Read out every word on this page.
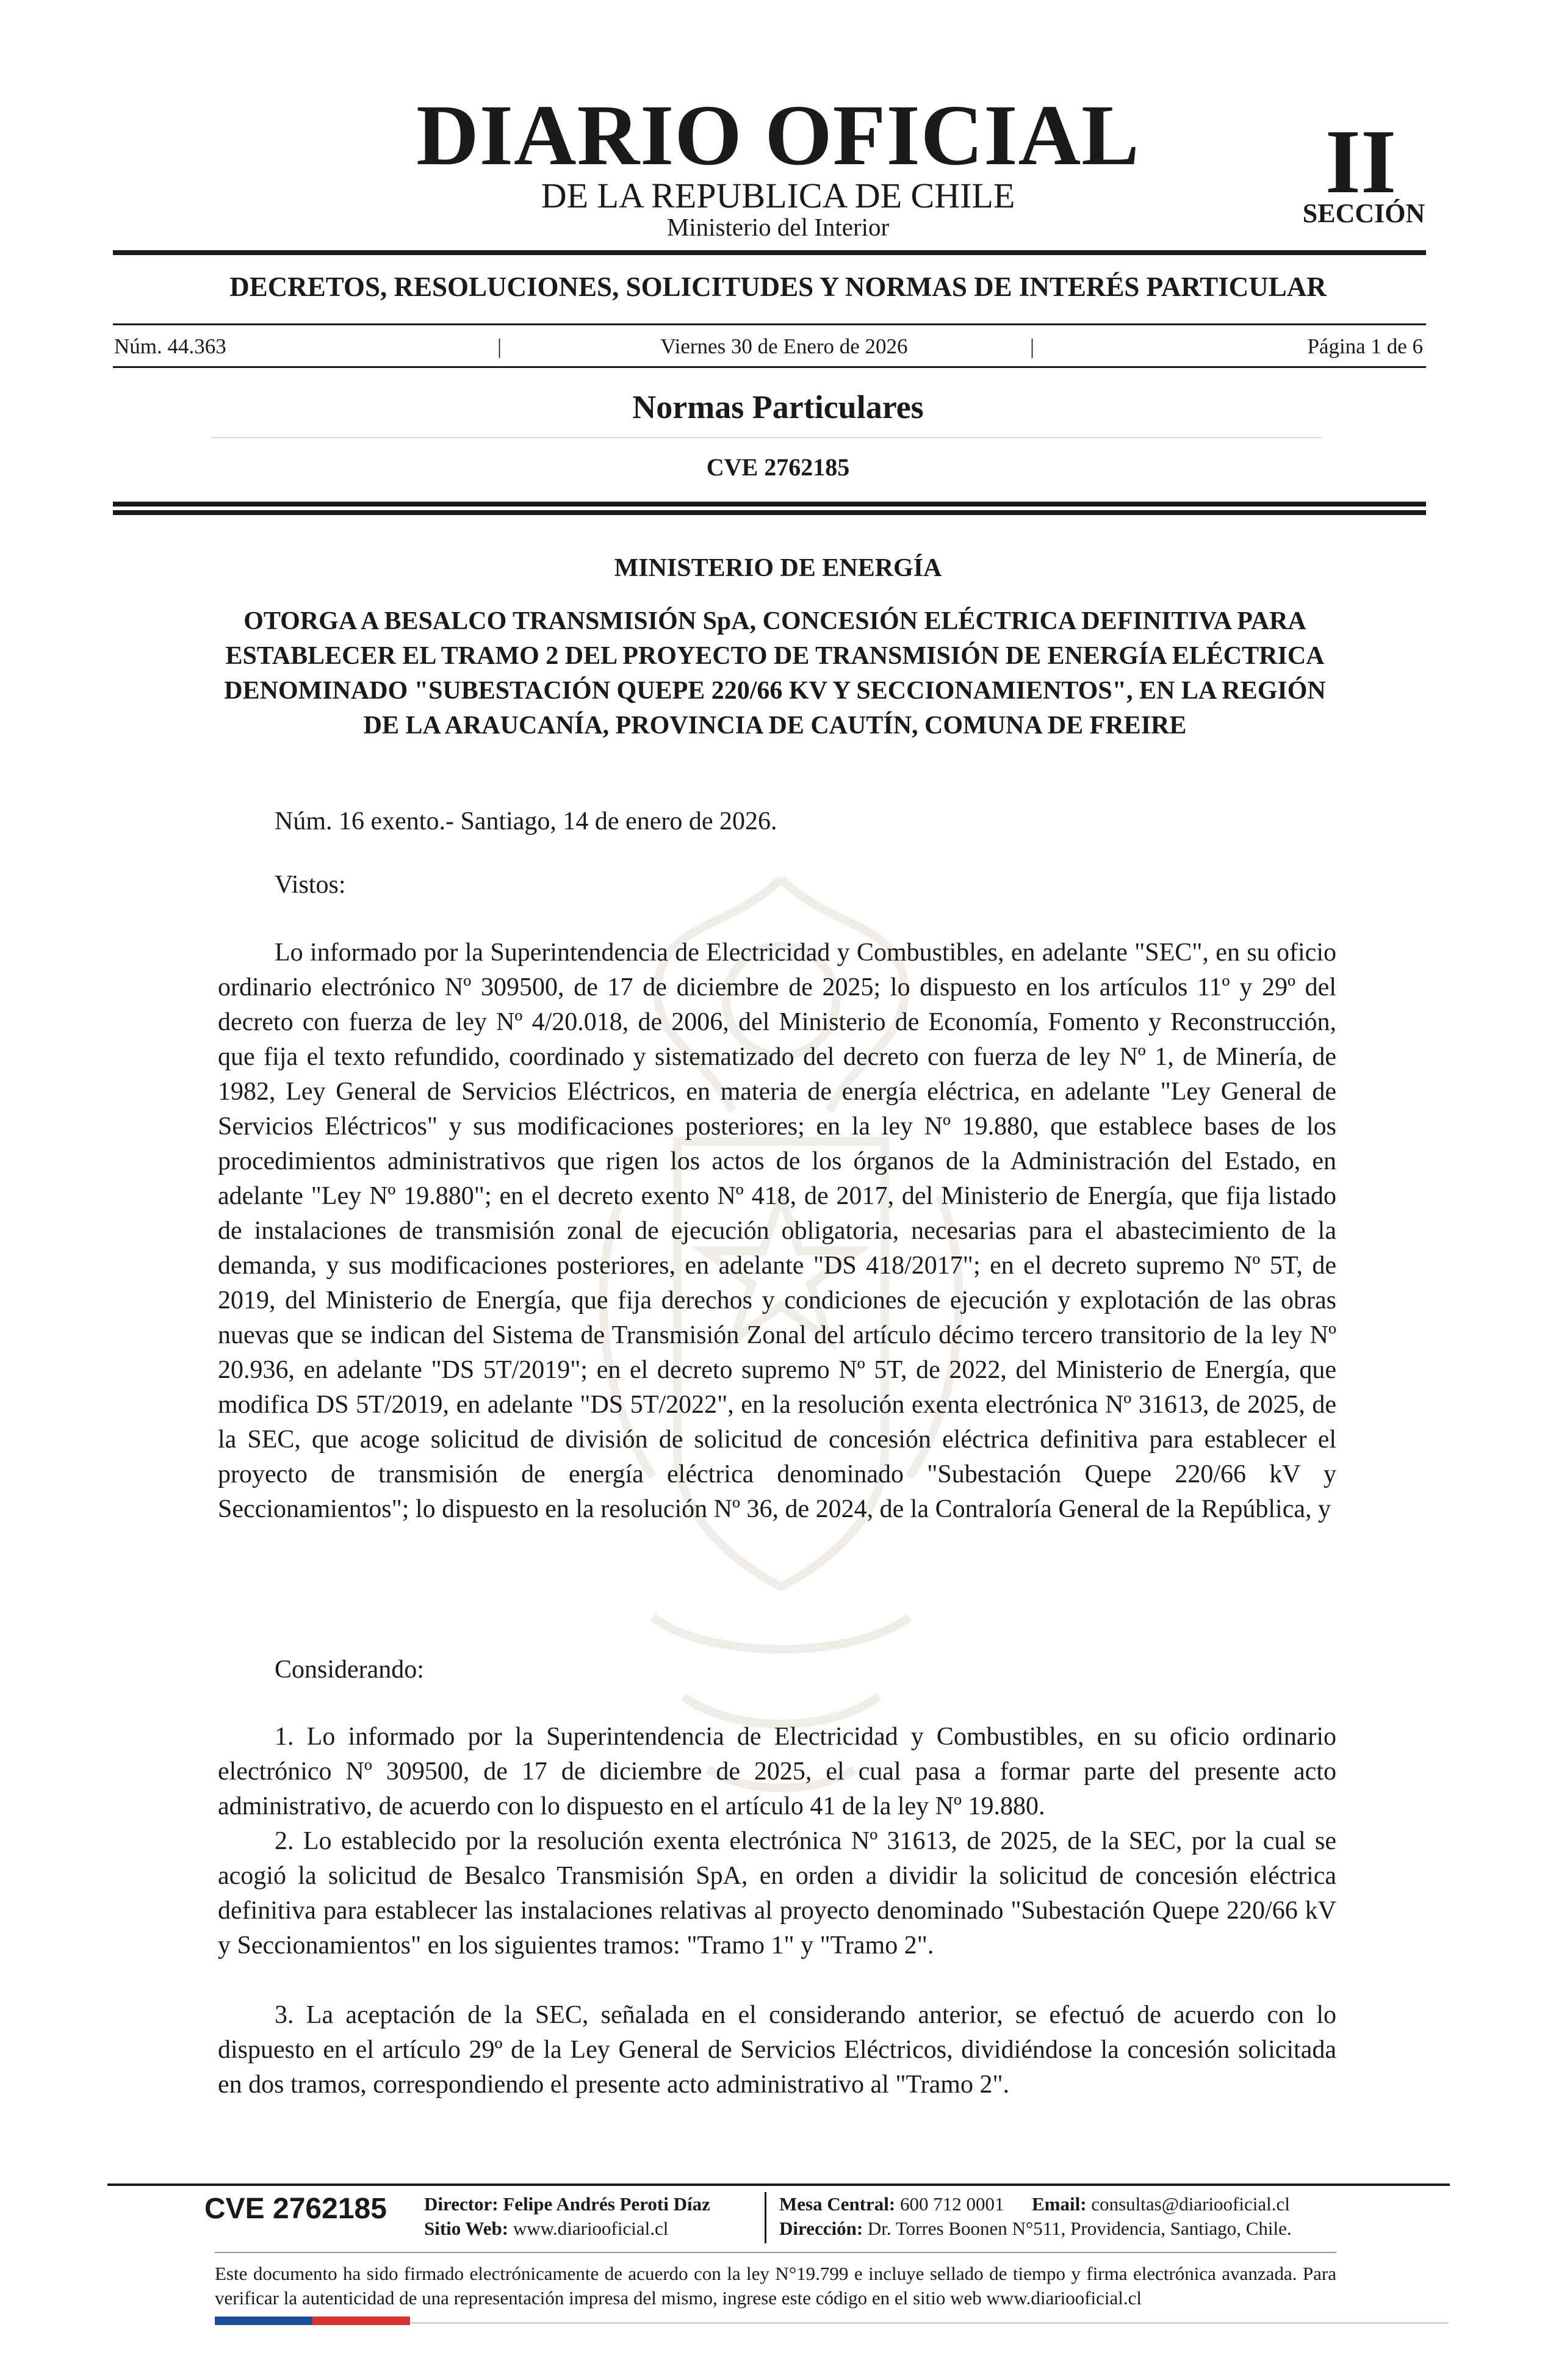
DIARIO OFICIAL
DE LA REPUBLICA DE CHILE
Ministerio del Interior
II
SECCIÓN
DECRETOS, RESOLUCIONES, SOLICITUDES Y NORMAS DE INTERÉS PARTICULAR
Núm. 44.363	|	Viernes 30 de Enero de 2026	|	Página 1 de 6
Normas Particulares
CVE 2762185
MINISTERIO DE ENERGÍA
OTORGA A BESALCO TRANSMISIÓN SpA, CONCESIÓN ELÉCTRICA DEFINITIVA PARA ESTABLECER EL TRAMO 2 DEL PROYECTO DE TRANSMISIÓN DE ENERGÍA ELÉCTRICA DENOMINADO "SUBESTACIÓN QUEPE 220/66 KV Y SECCIONAMIENTOS", EN LA REGIÓN DE LA ARAUCANÍA, PROVINCIA DE CAUTÍN, COMUNA DE FREIRE
Núm. 16 exento.- Santiago, 14 de enero de 2026.
Vistos:

Lo informado por la Superintendencia de Electricidad y Combustibles, en adelante "SEC", en su oficio ordinario electrónico Nº 309500, de 17 de diciembre de 2025; lo dispuesto en los artículos 11º y 29º del decreto con fuerza de ley Nº 4/20.018, de 2006, del Ministerio de Economía, Fomento y Reconstrucción, que fija el texto refundido, coordinado y sistematizado del decreto con fuerza de ley Nº 1, de Minería, de 1982, Ley General de Servicios Eléctricos, en materia de energía eléctrica, en adelante "Ley General de Servicios Eléctricos" y sus modificaciones posteriores; en la ley Nº 19.880, que establece bases de los procedimientos administrativos que rigen los actos de los órganos de la Administración del Estado, en adelante "Ley Nº 19.880"; en el decreto exento Nº 418, de 2017, del Ministerio de Energía, que fija listado de instalaciones de transmisión zonal de ejecución obligatoria, necesarias para el abastecimiento de la demanda, y sus modificaciones posteriores, en adelante "DS 418/2017"; en el decreto supremo Nº 5T, de 2019, del Ministerio de Energía, que fija derechos y condiciones de ejecución y explotación de las obras nuevas que se indican del Sistema de Transmisión Zonal del artículo décimo tercero transitorio de la ley Nº 20.936, en adelante "DS 5T/2019"; en el decreto supremo Nº 5T, de 2022, del Ministerio de Energía, que modifica DS 5T/2019, en adelante "DS 5T/2022", en la resolución exenta electrónica Nº 31613, de 2025, de la SEC, que acoge solicitud de división de solicitud de concesión eléctrica definitiva para establecer el proyecto de transmisión de energía eléctrica denominado "Subestación Quepe 220/66 kV y Seccionamientos"; lo dispuesto en la resolución Nº 36, de 2024, de la Contraloría General de la República, y

Considerando:

1. Lo informado por la Superintendencia de Electricidad y Combustibles, en su oficio ordinario electrónico Nº 309500, de 17 de diciembre de 2025, el cual pasa a formar parte del presente acto administrativo, de acuerdo con lo dispuesto en el artículo 41 de la ley Nº 19.880.

2. Lo establecido por la resolución exenta electrónica Nº 31613, de 2025, de la SEC, por la cual se acogió la solicitud de Besalco Transmisión SpA, en orden a dividir la solicitud de concesión eléctrica definitiva para establecer las instalaciones relativas al proyecto denominado "Subestación Quepe 220/66 kV y Seccionamientos" en los siguientes tramos: "Tramo 1" y "Tramo 2".

3. La aceptación de la SEC, señalada en el considerando anterior, se efectuó de acuerdo con lo dispuesto en el artículo 29º de la Ley General de Servicios Eléctricos, dividiéndose la concesión solicitada en dos tramos, correspondiendo el presente acto administrativo al "Tramo 2".

CVE 2762185 Director: Felipe Andrés Peroti Díaz
Sitio Web: www.diariooficial.cl
Mesa Central: 600 712 0001 Email: consultas@diariooficial.cl
Dirección: Dr. Torres Boonen N°511, Providencia, Santiago, Chile.
Este documento ha sido firmado electrónicamente de acuerdo con la ley N°19.799 e incluye sellado de tiempo y firma electrónica avanzada. Para verificar la autenticidad de una representación impresa del mismo, ingrese este código en el sitio web www.diariooficial.cl
